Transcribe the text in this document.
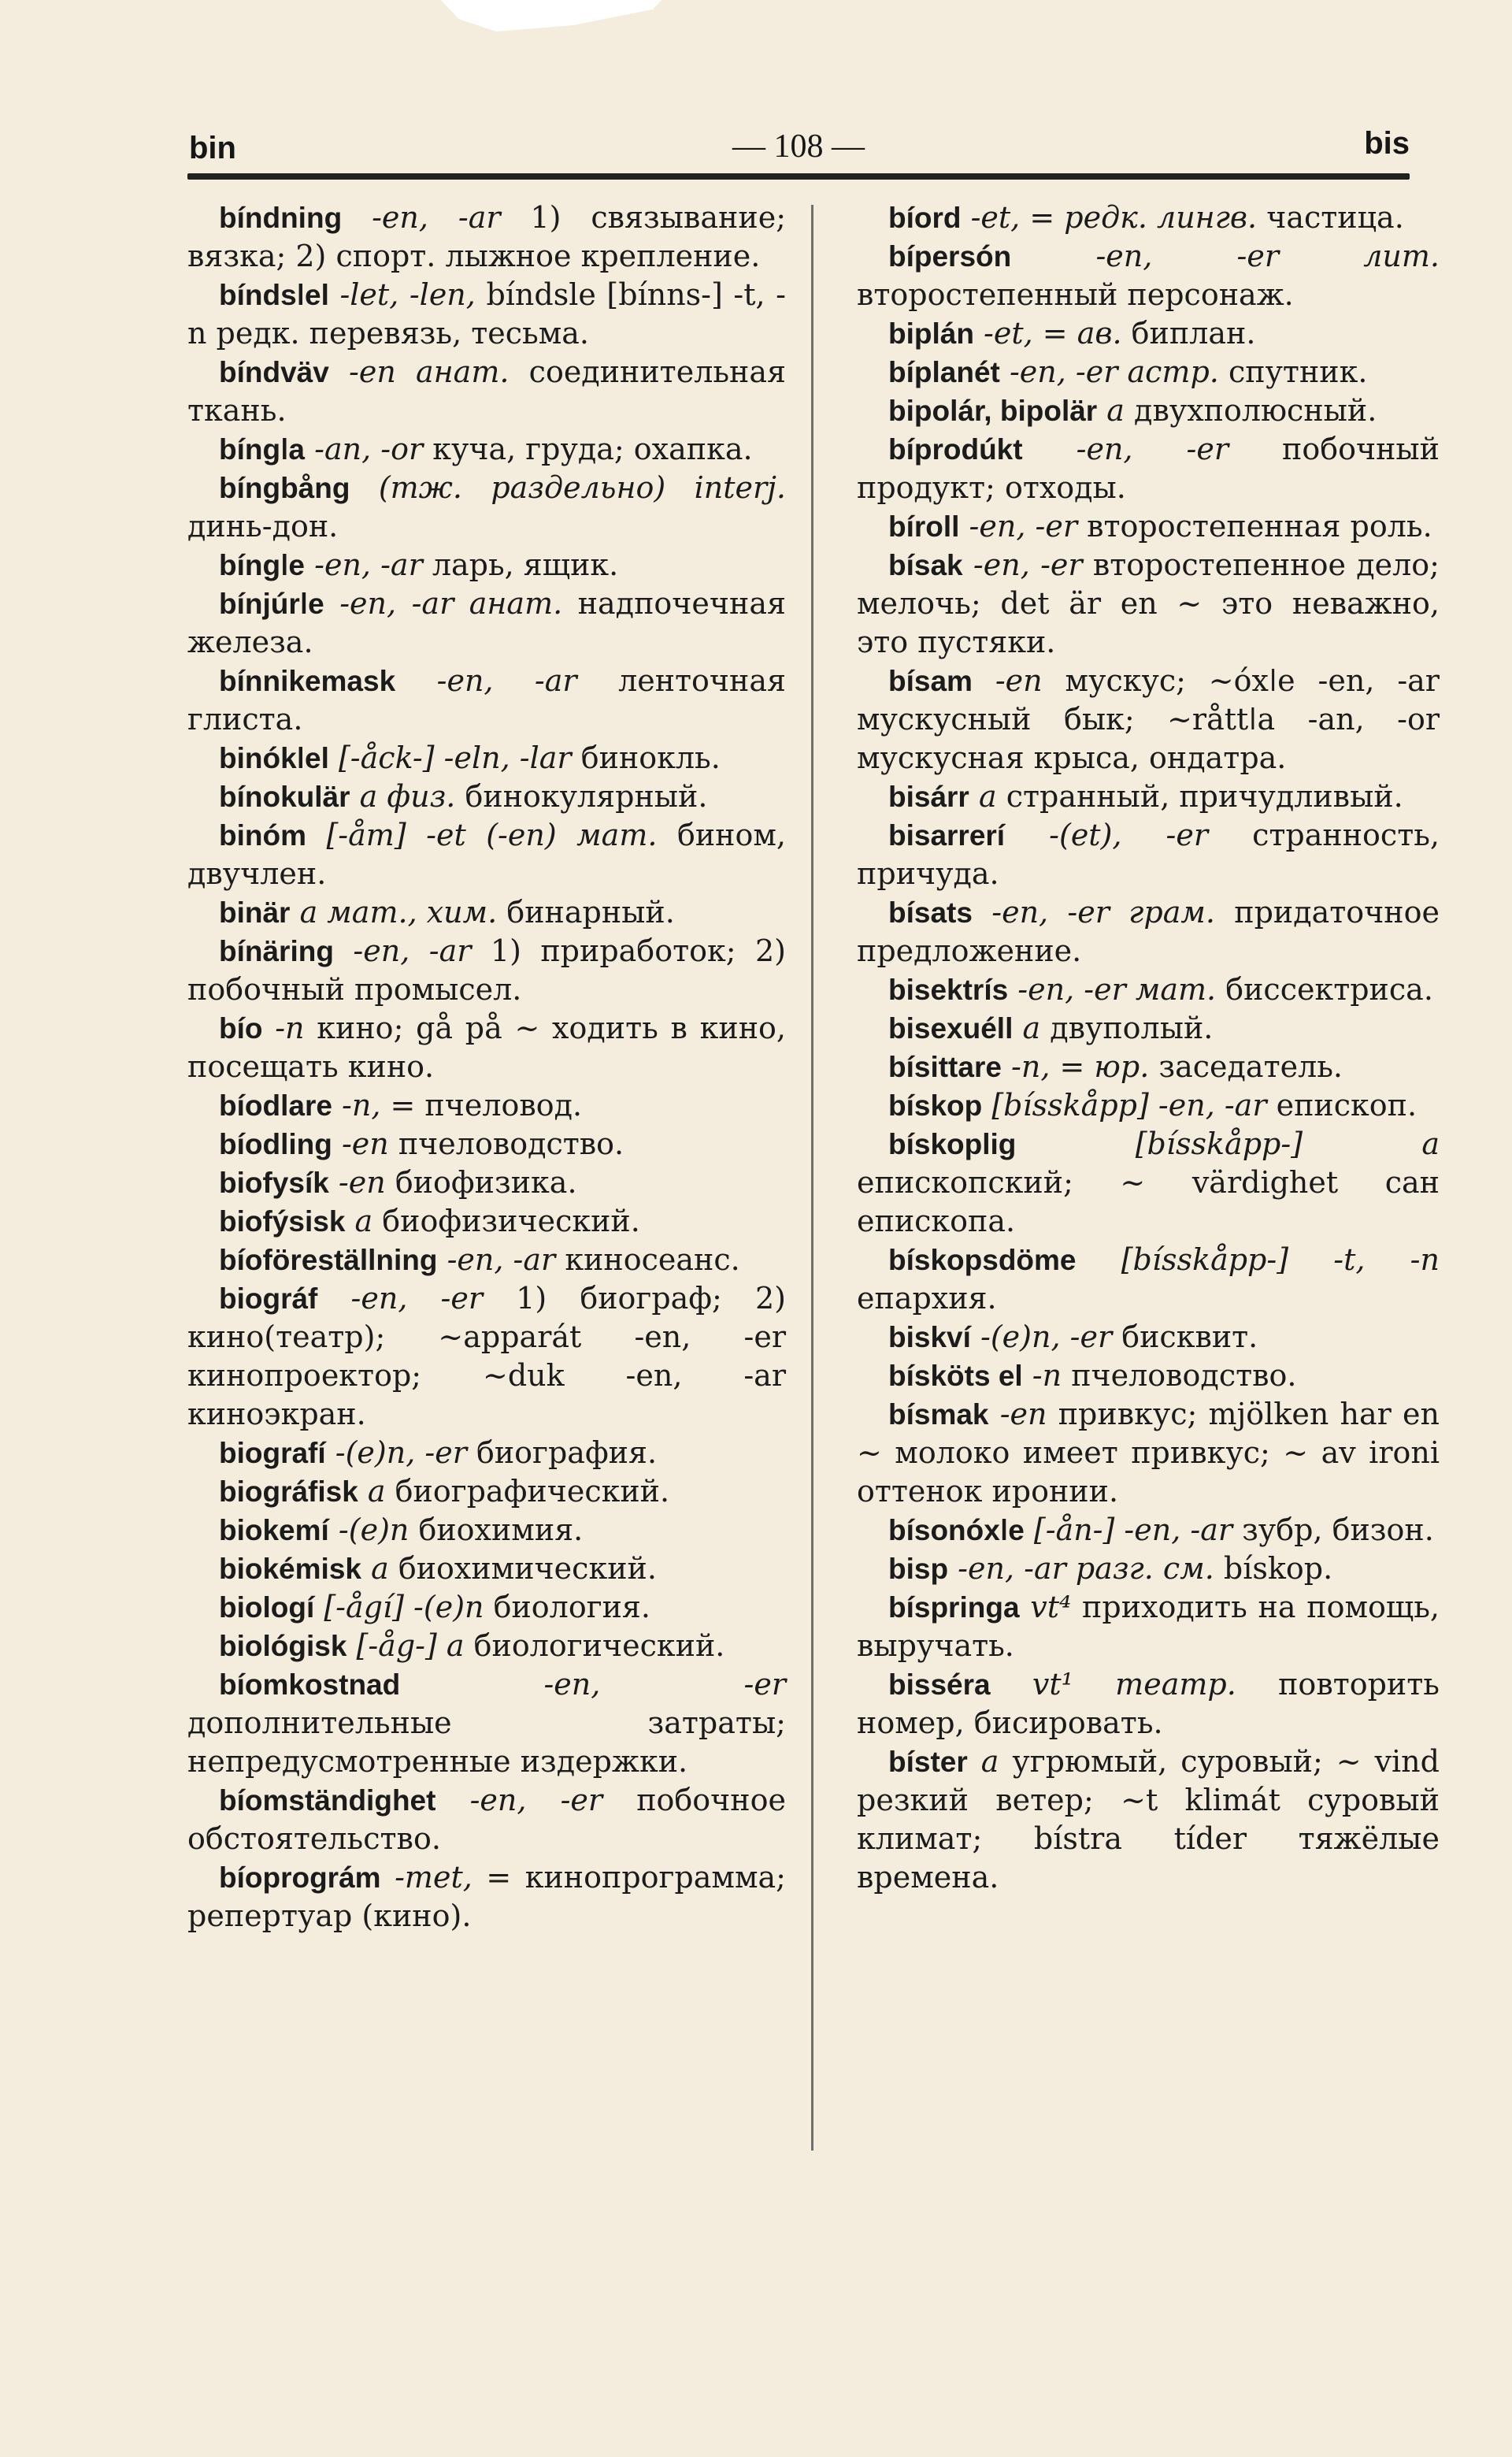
bin	— 108 —	bis

bíndning -en, -ar 1) связывание; вязка; 2) спорт. лыжное крепление.

bíndsǀel -let, -len, bíndsle [bínns-] -t, -n редк. перевязь, тесьма.

bíndväv -en анат. соединительная ткань.

bíngǀa -an, -or куча, груда; охапка.

bíngbång (тж. раздельно) interj. динь-дон.

bíngǀe -en, -ar ларь, ящик.

bínjúrǀe -en, -ar анат. надпочечная железа.

bínnikemask -en, -ar ленточная глиста.

binókǀel [-åck-] -eln, -lar бинокль.

bínokulär a физ. бинокулярный.

binóm [-åm] -et (-en) мат. бином, двучлен.

binär a мат., хим. бинарный.

bínäring -en, -ar 1) приработок; 2) побочный промысел.

bío -n кино; gå på ~ ходить в кино, посещать кино.

bíodlare -n, = пчеловод.

bíodling -en пчеловодство.

biofysík -en биофизика.

biofýsisk a биофизический.

bíoföreställning -en, -ar киносеанс.

biográf -en, -er 1) биограф; 2) кино(театр); ~apparát -en, -er кинопроектор; ~duk -en, -ar киноэкран.

biografí -(e)n, -er биография.

biográfisk a биографический.

biokemí -(e)n биохимия.

biokémisk a биохимический.

biologí [-ågí] -(e)n биология.

biológisk [-åg-] a биологический.

bíomkostnad	-en, -er дополнительные затраты; непредусмотренные издержки.

bíomständighet -en, -er побочное обстоятельство.

bíoprográm -met, = кинопрограмма; репертуар (кино).

bíord -et, = редк. лингв. частица.

bípersón	-en, -er лит. второстепенный персонаж.

biplán -et, = ав. биплан.

bíplanét -en, -er астр. спутник.

bipolár, bipolär a двухполюсный.

bíprodúkt -en, -er побочный продукт; отходы.

bíroll -en, -er второстепенная роль.

bísak -en, -er второстепенное дело; мелочь; det är en ~ это неважно, это пустяки.

bísam -en мускус; ~óxǀe -en, -ar мускусный бык; ~råttǀa -an, -or мускусная крыса, ондатра.

bisárr a странный, причудливый.

bisarrerí -(et), -er странность, причуда.

bísats -en, -er грам. придаточное предложение.

bisektrís -en, -er мат. биссектриса.

bisexuéll a двуполый.

bísittare -n, = юр. заседатель.

bískop [bísskåpp] -en, -ar епископ.

bískoplig	[bísskåpp-] a епископский; ~ värdighet сан епископа.

bískopsdöme [bísskåpp-] -t, -n епархия.

biskví -(e)n, -er бисквит.

bísköts el -n пчеловодство.

bísmak -en привкус; mjölken har en ~ молоко имеет привкус; ~ av ironi оттенок иронии.

bísonóxǀe [-ån-] -en, -ar зубр, бизон.

bisp -en, -ar разг. см. bískop.

bíspringa vt⁴ приходить на помощь, выручать.

bisséra vt¹ театр. повторить номер, бисировать.

bíster a угрюмый, суровый; ~ vind резкий ветер; ~t klimát суровый климат; bístra tíder тяжёлые времена.
